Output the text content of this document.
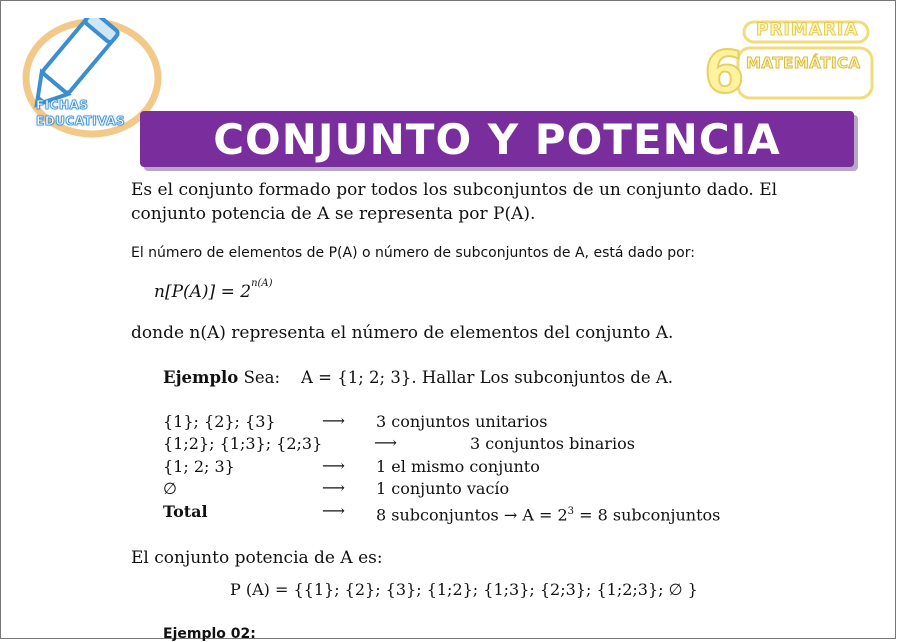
FICHAS
EDUCATIVAS
6
PRIMARIA
MATEMÁTICA
CONJUNTO Y POTENCIA
Es el conjunto formado por todos los subconjuntos de un conjunto dado. El
conjunto potencia de A se representa por P(A).
El número de elementos de P(A) o número de subconjuntos de A, está dado por:
$n[P(A)] = 2^{n(A)}$
donde n(A) representa el número de elementos del conjunto A.
Ejemplo Sea:    A = {1; 2; 3}. Hallar Los subconjuntos de A.
{1}; {2}; {3}	⟶ 3 conjuntos unitarios
{1;2}; {1;3}; {2;3}	⟶	3 conjuntos binarios
{1; 2; 3}	⟶ 1 el mismo conjunto
∅	⟶ 1 conjunto vacío
Total	⟶ 8 subconjuntos → $A = 2^3 = 8$ subconjuntos
El conjunto potencia de A es:
P (A) = {{1}; {2}; {3}; {1;2}; {1;3}; {2;3}; {1;2;3}; ∅ }
Ejemplo 02:
